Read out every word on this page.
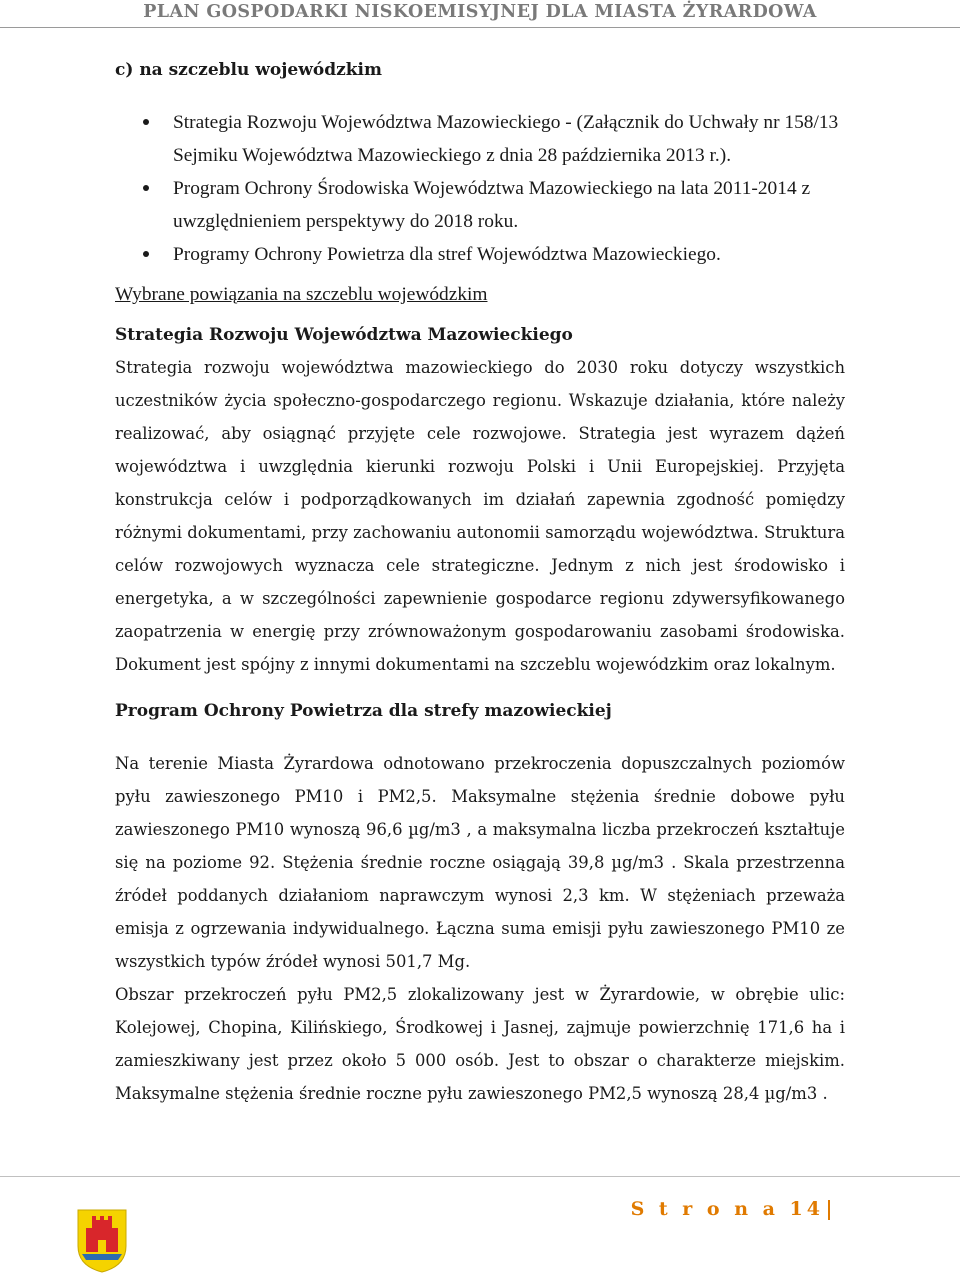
PLAN GOSPODARKI NISKOEMISYJNEJ DLA MIASTA ŻYRARDOWA

c) na szczeblu wojewódzkim

Strategia Rozwoju Województwa Mazowieckiego - (Załącznik do Uchwały nr 158/13 Sejmiku Województwa Mazowieckiego z dnia 28 października 2013 r.).
Program Ochrony Środowiska Województwa Mazowieckiego na lata 2011-2014 z uwzględnieniem perspektywy do 2018 roku.
Programy Ochrony Powietrza dla stref Województwa Mazowieckiego.

Wybrane powiązania na szczeblu wojewódzkim

Strategia Rozwoju Województwa Mazowieckiego

Strategia rozwoju województwa mazowieckiego do 2030 roku dotyczy wszystkich uczestników życia społeczno-gospodarczego regionu. Wskazuje działania, które należy realizować, aby osiągnąć przyjęte cele rozwojowe. Strategia jest wyrazem dążeń województwa i uwzględnia kierunki rozwoju Polski i Unii Europejskiej. Przyjęta konstrukcja celów i podporządkowanych im działań zapewnia zgodność pomiędzy różnymi dokumentami, przy zachowaniu autonomii samorządu województwa. Struktura celów rozwojowych wyznacza cele strategiczne. Jednym z nich jest środowisko i energetyka, a w szczególności zapewnienie gospodarce regionu zdywersyfikowanego zaopatrzenia w energię przy zrównoważonym gospodarowaniu zasobami środowiska. Dokument jest spójny z innymi dokumentami na szczeblu wojewódzkim oraz lokalnym.

Program Ochrony Powietrza dla strefy mazowieckiej

Na terenie Miasta Żyrardowa odnotowano przekroczenia dopuszczalnych poziomów pyłu zawieszonego PM10 i PM2,5. Maksymalne stężenia średnie dobowe pyłu zawieszonego PM10 wynoszą 96,6 µg/m3 , a maksymalna liczba przekroczeń kształtuje się na poziome 92. Stężenia średnie roczne osiągają 39,8 µg/m3 . Skala przestrzenna źródeł poddanych działaniom naprawczym wynosi 2,3 km. W stężeniach przeważa emisja z ogrzewania indywidualnego. Łączna suma emisji pyłu zawieszonego PM10 ze wszystkich typów źródeł wynosi 501,7 Mg.

Obszar przekroczeń pyłu PM2,5 zlokalizowany jest w Żyrardowie, w obrębie ulic: Kolejowej, Chopina, Kilińskiego, Środkowej i Jasnej, zajmuje powierzchnię 171,6 ha i zamieszkiwany jest przez około 5 000 osób. Jest to obszar o charakterze miejskim. Maksymalne stężenia średnie roczne pyłu zawieszonego PM2,5 wynoszą 28,4 µg/m3 .

S t r o n a 14
